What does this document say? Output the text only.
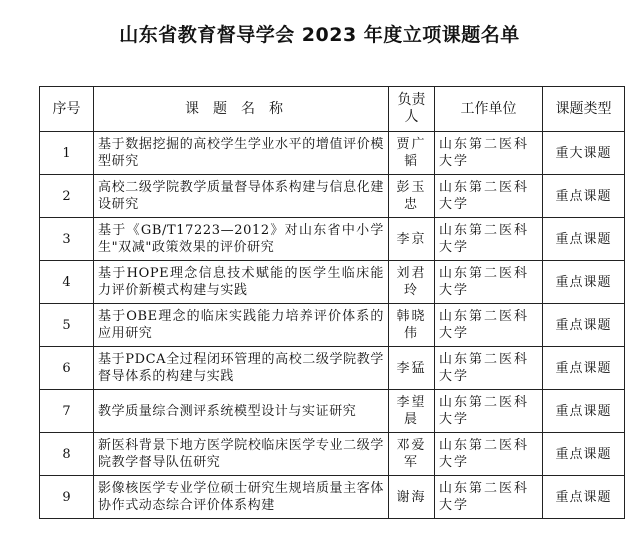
山东省教育督导学会 2023 年度立项课题名单
序号	课题名称	负责人	工作单位	课题类型
1	基于数据挖掘的高校学生学业水平的增值评价模型研究	贾广韬	山东第二医科大学	重大课题
2	高校二级学院教学质量督导体系构建与信息化建设研究	彭玉忠	山东第二医科大学	重点课题
3	基于《GB/T17223—2012》对山东省中小学生"双减"政策效果的评价研究	李京	山东第二医科大学	重点课题
4	基于HOPE理念信息技术赋能的医学生临床能力评价新模式构建与实践	刘君玲	山东第二医科大学	重点课题
5	基于OBE理念的临床实践能力培养评价体系的应用研究	韩晓伟	山东第二医科大学	重点课题
6	基于PDCA全过程闭环管理的高校二级学院教学督导体系的构建与实践	李猛	山东第二医科大学	重点课题
7	教学质量综合测评系统模型设计与实证研究	李望晨	山东第二医科大学	重点课题
8	新医科背景下地方医学院校临床医学专业二级学院教学督导队伍研究	邓爱军	山东第二医科大学	重点课题
9	影像核医学专业学位硕士研究生规培质量主客体协作式动态综合评价体系构建	谢海	山东第二医科大学	重点课题
